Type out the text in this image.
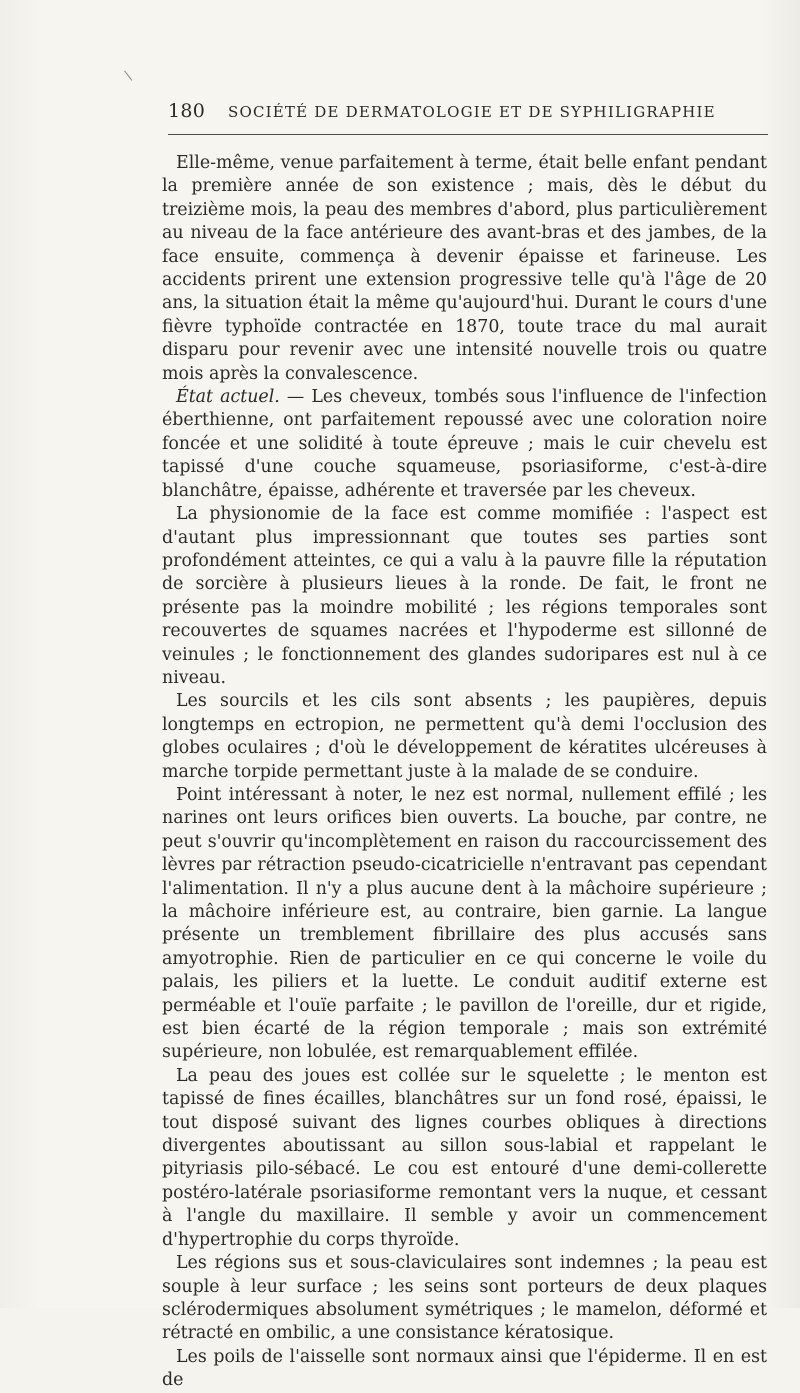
\
180 SOCIÉTÉ DE DERMATOLOGIE ET DE SYPHILIGRAPHIE

Elle-même, venue parfaitement à terme, était belle enfant pendant la première année de son existence ; mais, dès le début du treizième mois, la peau des membres d'abord, plus particulièrement au niveau de la face antérieure des avant-bras et des jambes, de la face ensuite, commença à devenir épaisse et farineuse. Les accidents prirent une extension progressive telle qu'à l'âge de 20 ans, la situation était la même qu'aujourd'hui. Durant le cours d'une fièvre typhoïde contractée en 1870, toute trace du mal aurait disparu pour revenir avec une intensité nouvelle trois ou quatre mois après la convalescence.

État actuel. — Les cheveux, tombés sous l'influence de l'infection éberthienne, ont parfaitement repoussé avec une coloration noire foncée et une solidité à toute épreuve ; mais le cuir chevelu est tapissé d'une couche squameuse, psoriasiforme, c'est-à-dire blanchâtre, épaisse, adhérente et traversée par les cheveux.

La physionomie de la face est comme momifiée : l'aspect est d'autant plus impressionnant que toutes ses parties sont profondément atteintes, ce qui a valu à la pauvre fille la réputation de sorcière à plusieurs lieues à la ronde. De fait, le front ne présente pas la moindre mobilité ; les régions temporales sont recouvertes de squames nacrées et l'hypoderme est sillonné de veinules ; le fonctionnement des glandes sudoripares est nul à ce niveau.

Les sourcils et les cils sont absents ; les paupières, depuis longtemps en ectropion, ne permettent qu'à demi l'occlusion des globes oculaires ; d'où le développement de kératites ulcéreuses à marche torpide permettant juste à la malade de se conduire.

Point intéressant à noter, le nez est normal, nullement effilé ; les narines ont leurs orifices bien ouverts. La bouche, par contre, ne peut s'ouvrir qu'incomplètement en raison du raccourcissement des lèvres par rétraction pseudo-cicatricielle n'entravant pas cependant l'alimentation. Il n'y a plus aucune dent à la mâchoire supérieure ; la mâchoire inférieure est, au contraire, bien garnie. La langue présente un tremblement fibrillaire des plus accusés sans amyotrophie. Rien de particulier en ce qui concerne le voile du palais, les piliers et la luette. Le conduit auditif externe est perméable et l'ouïe parfaite ; le pavillon de l'oreille, dur et rigide, est bien écarté de la région temporale ; mais son extrémité supérieure, non lobulée, est remarquablement effilée.

La peau des joues est collée sur le squelette ; le menton est tapissé de fines écailles, blanchâtres sur un fond rosé, épaissi, le tout disposé suivant des lignes courbes obliques à directions divergentes aboutissant au sillon sous-labial et rappelant le pityriasis pilo-sébacé. Le cou est entouré d'une demi-collerette postéro-latérale psoriasiforme remontant vers la nuque, et cessant à l'angle du maxillaire. Il semble y avoir un commencement d'hypertrophie du corps thyroïde.

Les régions sus et sous-claviculaires sont indemnes ; la peau est souple à leur surface ; les seins sont porteurs de deux plaques sclérodermiques absolument symétriques ; le mamelon, déformé et rétracté en ombilic, a une consistance kératosique.

Les poils de l'aisselle sont normaux ainsi que l'épiderme. Il en est de
